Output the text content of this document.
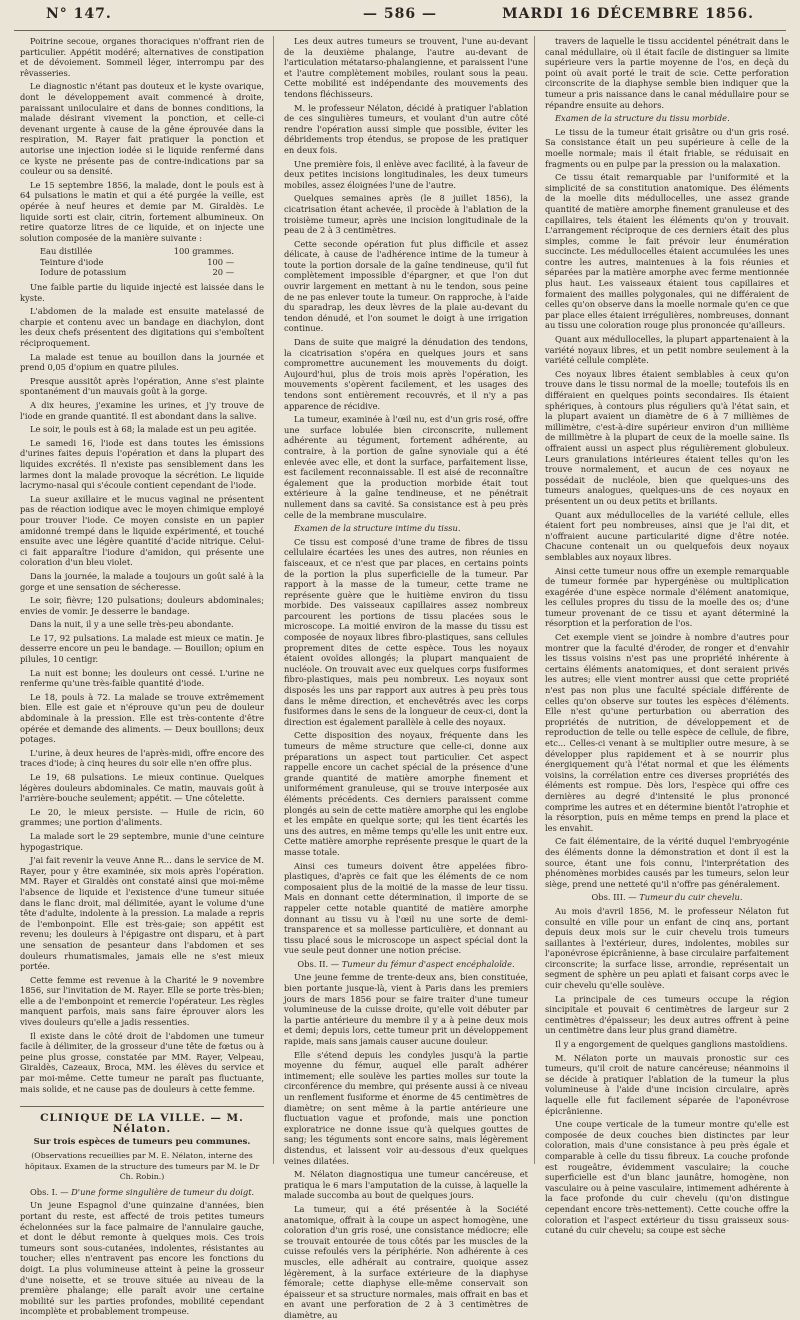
N° 147.	— 586 —	MARDI 16 DÉCEMBRE 1856.

Poitrine secoue, organes thoraciques n'offrant rien de particulier. Appétit modéré; alternatives de constipation et de dévoiement. Sommeil léger, interrompu par des rêvasseries.

Le diagnostic n'étant pas douteux et le kyste ovarique, dont le développement avait commencé à droite, paraissant uniloculaire et dans de bonnes conditions, la malade désirant vivement la ponction, et celle-ci devenant urgente à cause de la gêne éprouvée dans la respiration, M. Rayer fait pratiquer la ponction et autorise une injection iodée si le liquide renfermé dans ce kyste ne présente pas de contre-indications par sa couleur ou sa densité.

Le 15 septembre 1856, la malade, dont le pouls est à 64 pulsations le matin et qui a été purgée la veille, est opérée à neuf heures et demie par M. Giraldès. Le liquide sorti est clair, citrin, fortement albumineux. On retire quatorze litres de ce liquide, et on injecte une solution composée de la manière suivante :

Eau distillée	100 grammes.
Teinture d'iode	100 —
Iodure de potassium	20 —

Une faible partie du liquide injecté est laissée dans le kyste.

L'abdomen de la malade est ensuite matelassé de charpie et contenu avec un bandage en diachylon, dont les deux chefs présentent des digitations qui s'emboîtent réciproquement.

La malade est tenue au bouillon dans la journée et prend 0,05 d'opium en quatre pilules.

Presque aussitôt après l'opération, Anne s'est plainte spontanément d'un mauvais goût à la gorge.

A dix heures, j'examine les urines, et j'y trouve de l'iode en grande quantité. Il est abondant dans la salive.

Le soir, le pouls est à 68; la malade est un peu agitée.

Le samedi 16, l'iode est dans toutes les émissions d'urines faites depuis l'opération et dans la plupart des liquides excrétés. Il n'existe pas sensiblement dans les larmes dont la malade provoque la sécrétion. Le liquide lacrymo-nasal qui s'écoule contient cependant de l'iode.

La sueur axillaire et le mucus vaginal ne présentent pas de réaction iodique avec le moyen chimique employé pour trouver l'iode. Ce moyen consiste en un papier amidonné trempé dans le liquide expérimenté, et touché ensuite avec une légère quantité d'acide nitrique. Celui-ci fait apparaître l'iodure d'amidon, qui présente une coloration d'un bleu violet.

Dans la journée, la malade a toujours un goût salé à la gorge et une sensation de sécheresse.

Le soir, fièvre; 120 pulsations; douleurs abdominales; envies de vomir. Je desserre le bandage.

Dans la nuit, il y a une selle très-peu abondante.

Le 17, 92 pulsations. La malade est mieux ce matin. Je desserre encore un peu le bandage. — Bouillon; opium en pilules, 10 centigr.

La nuit est bonne; les douleurs ont cessé. L'urine ne renferme qu'une très-faible quantité d'iode.

Le 18, pouls à 72. La malade se trouve extrêmement bien. Elle est gaie et n'éprouve qu'un peu de douleur abdominale à la pression. Elle est très-contente d'être opérée et demande des aliments. — Deux bouillons; deux potages.

L'urine, à deux heures de l'après-midi, offre encore des traces d'iode; à cinq heures du soir elle n'en offre plus.

Le 19, 68 pulsations. Le mieux continue. Quelques légères douleurs abdominales. Ce matin, mauvais goût à l'arrière-bouche seulement; appétit. — Une côtelette.

Le 20, le mieux persiste. — Huile de ricin, 60 grammes; une portion d'aliments.

La malade sort le 29 septembre, munie d'une ceinture hypogastrique.

J'ai fait revenir la veuve Anne R... dans le service de M. Rayer, pour y être examinée, six mois après l'opération. MM. Rayer et Giraldès ont constaté ainsi que moi-même l'absence de liquide et l'existence d'une tumeur située dans le flanc droit, mal délimitée, ayant le volume d'une tête d'adulte, indolente à la pression. La malade a repris de l'embonpoint. Elle est très-gaie; son appétit est revenu; les douleurs à l'épigastre ont disparu, et à part une sensation de pesanteur dans l'abdomen et ses douleurs rhumatismales, jamais elle ne s'est mieux portée.

Cette femme est revenue à la Charité le 9 novembre 1856, sur l'invitation de M. Rayer. Elle se porte très-bien; elle a de l'embonpoint et remercie l'opérateur. Les règles manquent parfois, mais sans faire éprouver alors les vives douleurs qu'elle a jadis ressenties.

Il existe dans le côté droit de l'abdomen une tumeur facile à délimiter, de la grosseur d'une tête de fœtus ou à peine plus grosse, constatée par MM. Rayer, Velpeau, Giraldès, Cazeaux, Broca, MM. les élèves du service et par moi-même. Cette tumeur ne paraît pas fluctuante, mais solide, et ne cause pas de douleurs à cette femme.

CLINIQUE DE LA VILLE. — M. Nélaton.
Sur trois espèces de tumeurs peu communes.
(Observations recueillies par M. E. Nélaton, interne des hôpitaux. Examen de la structure des tumeurs par M. le Dr Ch. Robin.)

Obs. I. — D'une forme singulière de tumeur du doigt.

Un jeune Espagnol d'une quinzaine d'années, bien portant du reste, est affecté de trois petites tumeurs échelonnées sur la face palmaire de l'annulaire gauche, et dont le début remonte à quelques mois. Ces trois tumeurs sont sous-cutanées, indolentes, résistantes au toucher; elles n'entravent pas encore les fonctions du doigt. La plus volumineuse atteint à peine la grosseur d'une noisette, et se trouve située au niveau de la première phalange; elle paraît avoir une certaine mobilité sur les parties profondes, mobilité cependant incomplète et probablement trompeuse.

Les deux autres tumeurs se trouvent, l'une au-devant de la deuxième phalange, l'autre au-devant de l'articulation métatarso-phalangienne, et paraissent l'une et l'autre complètement mobiles, roulant sous la peau. Cette mobilité est indépendante des mouvements des tendons fléchisseurs.

M. le professeur Nélaton, décidé à pratiquer l'ablation de ces singulières tumeurs, et voulant d'un autre côté rendre l'opération aussi simple que possible, éviter les débridements trop étendus, se propose de les pratiquer en deux fois.

Une première fois, il enlève avec facilité, à la faveur de deux petites incisions longitudinales, les deux tumeurs mobiles, assez éloignées l'une de l'autre.

Quelques semaines après (le 8 juillet 1856), la cicatrisation étant achevée, il procède à l'ablation de la troisième tumeur, après une incision longitudinale de la peau de 2 à 3 centimètres.

Cette seconde opération fut plus difficile et assez délicate, à cause de l'adhérence intime de la tumeur à toute la portion dorsale de la gaîne tendineuse, qu'il fut complètement impossible d'épargner, et que l'on dut ouvrir largement en mettant à nu le tendon, sous peine de ne pas enlever toute la tumeur. On rapproche, à l'aide du sparadrap, les deux lèvres de la plaie au-devant du tendon dénudé, et l'on soumet le doigt à une irrigation continue.

Dans de suite que maigré la dénudation des tendons, la cicatrisation s'opéra en quelques jours et sans compromettre aucunement les mouvements du doigt. Aujourd'hui, plus de trois mois après l'opération, les mouvements s'opèrent facilement, et les usages des tendons sont entièrement recouvrés, et il n'y a pas apparence de récidive.

La tumeur, examinée à l'œil nu, est d'un gris rosé, offre une surface lobulée bien circonscrite, nullement adhérente au tégument, fortement adhérente, au contraire, à la portion de gaîne synoviale qui a été enlevée avec elle, et dont la surface, parfaitement lisse, est facilement reconnaissable. Il est aisé de reconnaître également que la production morbide était tout extérieure à la gaîne tendineuse, et ne pénétrait nullement dans sa cavité. Sa consistance est à peu près celle de la membrane musculaire.

Examen de la structure intime du tissu.

Ce tissu est composé d'une trame de fibres de tissu cellulaire écartées les unes des autres, non réunies en faisceaux, et ce n'est que par places, en certains points de la portion la plus superficielle de la tumeur. Par rapport à la masse de la tumeur, cette trame ne représente guère que le huitième environ du tissu morbide. Des vaisseaux capillaires assez nombreux parcourent les portions de tissu placées sous le microscope. La moitié environ de la masse du tissu est composée de noyaux libres fibro-plastiques, sans cellules proprement dites de cette espèce. Tous les noyaux étaient ovoïdes allongés; la plupart manquaient de nucléole. On trouvait avec eux quelques corps fusiformes fibro-plastiques, mais peu nombreux. Les noyaux sont disposés les uns par rapport aux autres à peu près tous dans le même direction, et enchevêtrés avec les corps fusiformes dans le sens de la longueur de ceux-ci, dont la direction est également parallèle à celle des noyaux.

Cette disposition des noyaux, fréquente dans les tumeurs de même structure que celle-ci, donne aux préparations un aspect tout particulier. Cet aspect rappelle encore un cachet spécial de la présence d'une grande quantité de matière amorphe finement et uniformément granuleuse, qui se trouve interposée aux éléments précédents. Ces derniers paraissent comme plongés au sein de cette matière amorphe qui les englobe et les empâte en quelque sorte; qui les tient écartés les uns des autres, en même temps qu'elle les unit entre eux. Cette matière amorphe représente presque le quart de la masse totale.

Ainsi ces tumeurs doivent être appelées fibro-plastiques, d'après ce fait que les éléments de ce nom composaient plus de la moitié de la masse de leur tissu. Mais en donnant cette détermination, il importe de se rappeler cette notable quantité de matière amorphe donnant au tissu vu à l'œil nu une sorte de demi-transparence et sa mollesse particulière, et donnant au tissu placé sous le microscope un aspect spécial dont la vue seule peut donner une notion précise.

Obs. II. — Tumeur du fémur d'aspect encéphaloïde.

Une jeune femme de trente-deux ans, bien constituée, bien portante jusque-là, vient à Paris dans les premiers jours de mars 1856 pour se faire traiter d'une tumeur volumineuse de la cuisse droite, qu'elle voit débuter par la partie antérieure du membre il y a à peine deux mois et demi; depuis lors, cette tumeur prit un développement rapide, mais sans jamais causer aucune douleur.

Elle s'étend depuis les condyles jusqu'à la partie moyenne du fémur, auquel elle paraît adhérer intimement; elle soulève les parties molles sur toute la circonférence du membre, qui présente aussi à ce niveau un renflement fusiforme et énorme de 45 centimètres de diamètre; on sent même à la partie antérieure une fluctuation vague et profonde, mais une ponction exploratrice ne donne issue qu'à quelques gouttes de sang; les téguments sont encore sains, mais légèrement distendus, et laissent voir au-dessous d'eux quelques veines dilatées.

M. Nélaton diagnostiqua une tumeur cancéreuse, et pratiqua le 6 mars l'amputation de la cuisse, à laquelle la malade succomba au bout de quelques jours.

La tumeur, qui a été présentée à la Société anatomique, offrait à la coupe un aspect homogène, une coloration d'un gris rosé, une consistance médiocre; elle se trouvait entourée de tous côtés par les muscles de la cuisse refoulés vers la périphérie. Non adhérente à ces muscles, elle adhérait au contraire, quoique assez légèrement, à la surface extérieure de la diaphyse fémorale; cette diaphyse elle-même conservait son épaisseur et sa structure normales, mais offrait en bas et en avant une perforation de 2 à 3 centimètres de diamètre, au

travers de laquelle le tissu accidentel pénétrait dans le canal médullaire, où il était facile de distinguer sa limite supérieure vers la partie moyenne de l'os, en deçà du point où avait porté le trait de scie. Cette perforation circonscrite de la diaphyse semble bien indiquer que la tumeur a pris naissance dans le canal médullaire pour se répandre ensuite au dehors.

Examen de la structure du tissu morbide.

Le tissu de la tumeur était grisâtre ou d'un gris rosé. Sa consistance était un peu supérieure à celle de la moelle normale; mais il était friable, se réduisait en fragments ou en pulpe par la pression ou la malaxation.

Ce tissu était remarquable par l'uniformité et la simplicité de sa constitution anatomique. Des éléments de la moelle dits médullocelles, une assez grande quantité de matière amorphe finement granuleuse et des capillaires, tels étaient les éléments qu'on y trouvait. L'arrangement réciproque de ces derniers était des plus simples, comme le fait prévoir leur énumération succincte. Les médullocelles étaient accumulées les unes contre les autres, maintenues à la fois réunies et séparées par la matière amorphe avec ferme mentionnée plus haut. Les vaisseaux étaient tous capillaires et formaient des mailles polygonales, qui ne différaient de celles qu'on observe dans la moelle normale qu'en ce que par place elles étaient irrégulières, nombreuses, donnant au tissu une coloration rouge plus prononcée qu'ailleurs.

Quant aux médullocelles, la plupart appartenaient à la variété noyaux libres, et un petit nombre seulement à la variété cellule complète.

Ces noyaux libres étaient semblables à ceux qu'on trouve dans le tissu normal de la moelle; toutefois ils en différaient en quelques points secondaires. Ils étaient sphériques, à contours plus réguliers qu'à l'état sain, et la plupart avaient un diamètre de 6 à 7 millièmes de millimètre, c'est-à-dire supérieur environ d'un millième de millimètre à la plupart de ceux de la moelle saine. Ils offraient aussi un aspect plus régulièrement globuleux. Leurs granulations intérieures étaient telles qu'on les trouve normalement, et aucun de ces noyaux ne possédait de nucléole, bien que quelques-uns des tumeurs analogues, quelques-uns de ces noyaux en présentent un ou deux petits et brillants.

Quant aux médullocelles de la variété cellule, elles étaient fort peu nombreuses, ainsi que je l'ai dit, et n'offraient aucune particularité digne d'être notée. Chacune contenait un ou quelquefois deux noyaux semblables aux noyaux libres.

Ainsi cette tumeur nous offre un exemple remarquable de tumeur formée par hypergénèse ou multiplication exagérée d'une espèce normale d'élément anatomique, les cellules propres du tissu de la moelle des os; d'une tumeur provenant de ce tissu et ayant déterminé la résorption et la perforation de l'os.

Cet exemple vient se joindre à nombre d'autres pour montrer que la faculté d'éroder, de ronger et d'envahir les tissus voisins n'est pas une propriété inhérente à certains éléments anatomiques, et dont seraient privés les autres; elle vient montrer aussi que cette propriété n'est pas non plus une faculté spéciale différente de celles qu'on observe sur toutes les espèces d'éléments. Elle n'est qu'une perturbation ou aberration des propriétés de nutrition, de développement et de reproduction de telle ou telle espèce de cellule, de fibre, etc... Celles-ci venant à se multiplier outre mesure, à se développer plus rapidement et à se nourrir plus énergiquement qu'à l'état normal et que les éléments voisins, la corrélation entre ces diverses propriétés des éléments est rompue. Dès lors, l'espèce qui offre ces dernières au degré d'intensité le plus prononcé comprime les autres et en détermine bientôt l'atrophie et la résorption, puis en même temps en prend la place et les envahit.

Ce fait élémentaire, de la vérité duquel l'embryogénie des éléments donne la démonstration et dont il est la source, étant une fois connu, l'interprétation des phénomènes morbides causés par les tumeurs, selon leur siège, prend une netteté qu'il n'offre pas généralement.

Obs. III. — Tumeur du cuir chevelu.

Au mois d'avril 1856, M. le professeur Nélaton fut consulté en ville pour un enfant de cinq ans, portant depuis deux mois sur le cuir chevelu trois tumeurs saillantes à l'extérieur, dures, indolentes, mobiles sur l'aponévrose épicrânienne, à base circulaire parfaitement circonscrite; la surface lisse, arrondie, représentait un segment de sphère un peu aplati et faisant corps avec le cuir chevelu qu'elle soulève.

La principale de ces tumeurs occupe la région sincipitale et pouvait 6 centimètres de largeur sur 2 centimètres d'épaisseur; les deux autres offrent à peine un centimètre dans leur plus grand diamètre.

Il y a engorgement de quelques ganglions mastoïdiens.

M. Nélaton porte un mauvais pronostic sur ces tumeurs, qu'il croit de nature cancéreuse; néanmoins il se décide à pratiquer l'ablation de la tumeur la plus volumineuse à l'aide d'une incision circulaire, après laquelle elle fut facilement séparée de l'aponévrose épicrânienne.

Une coupe verticale de la tumeur montre qu'elle est composée de deux couches bien distinctes par leur coloration, mais d'une consistance à peu près égale et comparable à celle du tissu fibreux. La couche profonde est rougeâtre, évidemment vasculaire; la couche superficielle est d'un blanc jaunâtre, homogène, non vasculaire ou à peine vasculaire, intimement adhérente à la face profonde du cuir chevelu (qu'on distingue cependant encore très-nettement). Cette couche offre la coloration et l'aspect extérieur du tissu graisseux sous-cutané du cuir chevelu; sa coupe est sèche
